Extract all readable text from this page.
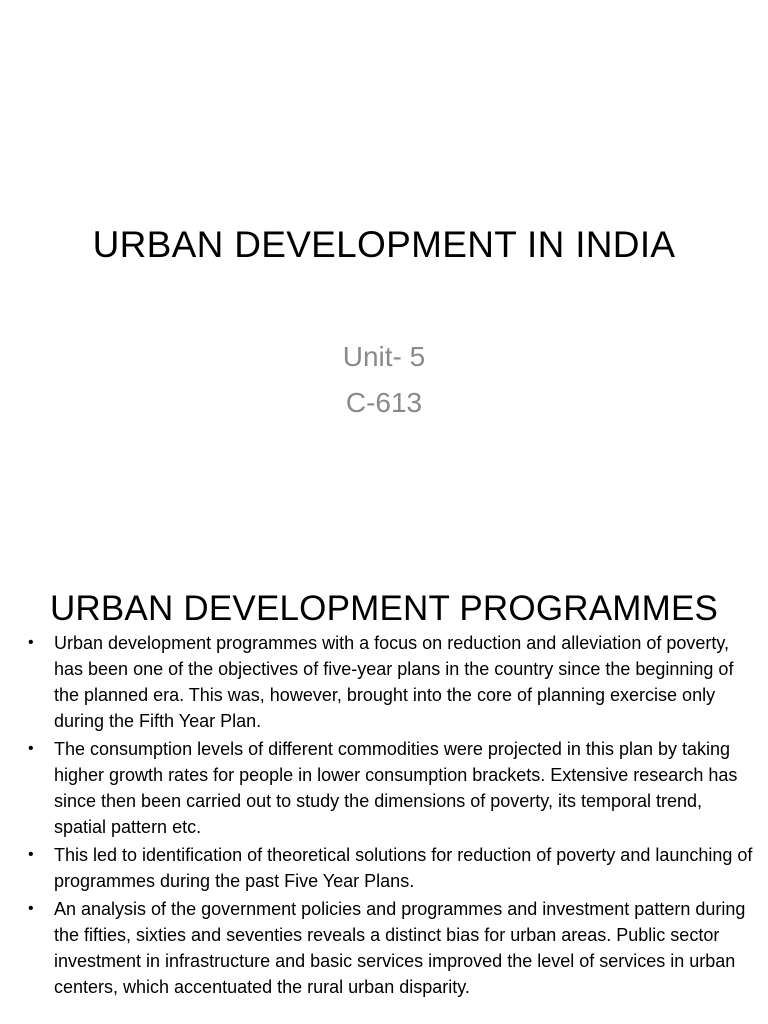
URBAN DEVELOPMENT IN INDIA
Unit- 5
C-613
URBAN DEVELOPMENT PROGRAMMES
•	Urban development programmes with a focus on reduction and alleviation of poverty, has been one of the objectives of five-year plans in the country since the beginning of the planned era. This was, however, brought into the core of planning exercise only during the Fifth Year Plan.
•	The consumption levels of different commodities were projected in this plan by taking higher growth rates for people in lower consumption brackets. Extensive research has since then been carried out to study the dimensions of poverty, its temporal trend, spatial pattern etc.
•	This led to identification of theoretical solutions for reduction of poverty and launching of programmes during the past Five Year Plans.
•	An analysis of the government policies and programmes and investment pattern during the fifties, sixties and seventies reveals a distinct bias for urban areas. Public sector investment in infrastructure and basic services improved the level of services in urban centers, which accentuated the rural urban disparity.
